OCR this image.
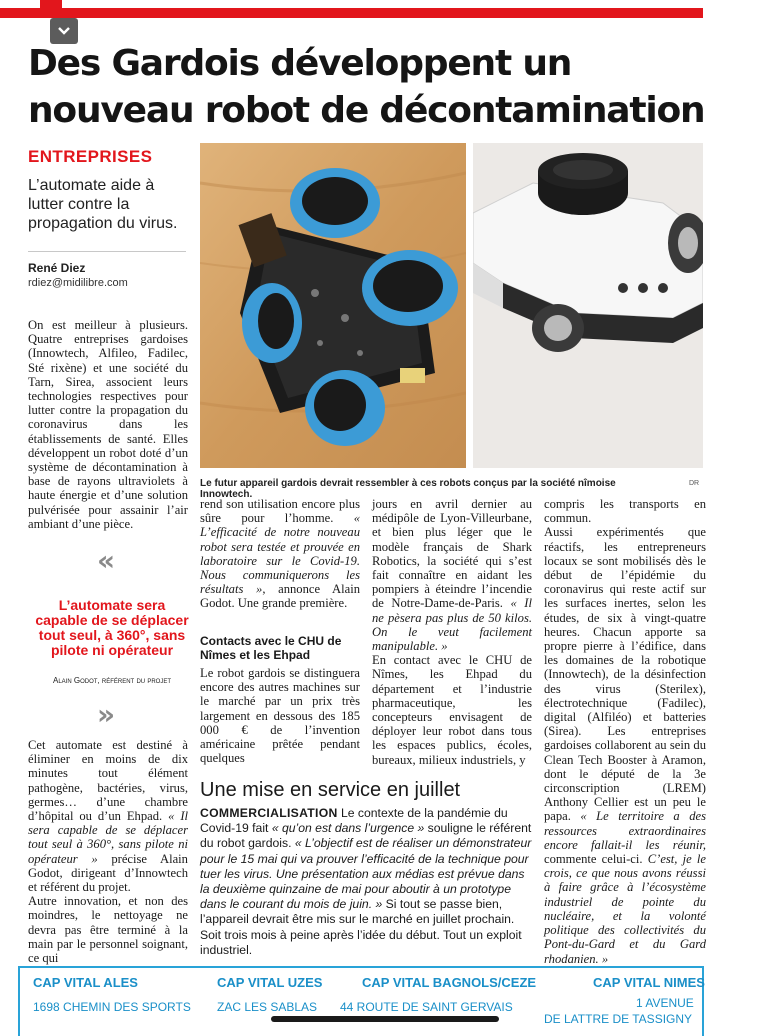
Des Gardois développent un nouveau robot de décontamination
ENTREPRISES
L’automate aide à lutter contre la propagation du virus.
René Diez
rdiez@midilibre.com

On est meilleur à plusieurs. Quatre entreprises gardoises (Innowtech, Alfileo, Fadilec, Sté rixène) et une société du Tarn, Sirea, associent leurs technologies respectives pour lutter contre la propagation du coronavirus dans les établissements de santé. Elles développent un robot doté d’un système de décontamination à base de rayons ultraviolets à haute énergie et d’une solution pulvérisée pour assainir l’air ambiant d’une pièce.

«
L’automate sera capable de se déplacer tout seul, à 360°, sans pilote ni opérateur
Alain Godot, référent du projet
»

Cet automate est destiné à éliminer en moins de dix minutes tout élément pathogène, bactéries, virus, germes… d’une chambre d’hôpital ou d’un Ehpad. « Il sera capable de se déplacer tout seul à 360°, sans pilote ni opérateur » précise Alain Godot, dirigeant d’Innowtech et référent du projet.

Autre innovation, et non des moindres, le nettoyage ne devra pas être terminé à la main par le personnel soignant, ce qui

Le futur appareil gardois devrait ressembler à ces robots conçus par la société nîmoise Innowtech.
DR

rend son utilisation encore plus sûre pour l’homme. « L’efficacité de notre nouveau robot sera testée et prouvée en laboratoire sur le Covid-19. Nous communiquerons les résultats », annonce Alain Godot. Une grande première.

Contacts avec le CHU de Nîmes et les Ehpad

Le robot gardois se distinguera encore des autres machines sur le marché par un prix très largement en dessous des 185 000 € de l’invention américaine prêtée pendant quelques

jours en avril dernier au médipôle de Lyon-Villeurbane, et bien plus léger que le modèle français de Shark Robotics, la société qui s’est fait connaître en aidant les pompiers à éteindre l’incendie de Notre-Dame-de-Paris. « Il ne pèsera pas plus de 50 kilos. On le veut facilement manipulable. »

En contact avec le CHU de Nîmes, les Ehpad du département et l’industrie pharmaceutique, les concepteurs envisagent de déployer leur robot dans tous les espaces publics, écoles, bureaux, milieux industriels, y

compris les transports en commun.

Aussi expérimentés que réactifs, les entrepreneurs locaux se sont mobilisés dès le début de l’épidémie du coronavirus qui reste actif sur les surfaces inertes, selon les études, de six à vingt-quatre heures. Chacun apporte sa propre pierre à l’édifice, dans les domaines de la robotique (Innowtech), de la désinfection des virus (Sterilex), électrotechnique (Fadilec), digital (Alfiléo) et batteries (Sirea). Les entreprises gardoises collaborent au sein du Clean Tech Booster à Aramon, dont le député de la 3e circonscription (LREM) Anthony Cellier est un peu le papa. « Le territoire a des ressources extraordinaires encore fallait-il les réunir, commente celui-ci. C’est, je le crois, ce que nous avons réussi à faire grâce à l’écosystème industriel de pointe du nucléaire, et la volonté politique des collectivités du Pont-du-Gard et du Gard rhodanien. »

Une mise en service en juillet

COMMERCIALISATION Le contexte de la pandémie du Covid-19 fait « qu’on est dans l’urgence » souligne le référent du robot gardois. « L’objectif est de réaliser un démonstrateur pour le 15 mai qui va prouver l’efficacité de la technique pour tuer les virus. Une présentation aux médias est prévue dans la deuxième quinzaine de mai pour aboutir à un prototype dans le courant du mois de juin. » Si tout se passe bien, l’appareil devrait être mis sur le marché en juillet prochain. Soit trois mois à peine après l’idée du début. Tout un exploit industriel.

CAP VITAL ALES
1698 CHEMIN DES SPORTS
CAP VITAL UZES
ZAC LES SABLAS
CAP VITAL BAGNOLS/CEZE
44 ROUTE DE SAINT GERVAIS
CAP VITAL NIMES
1 AVENUE
DE LATTRE DE TASSIGNY
